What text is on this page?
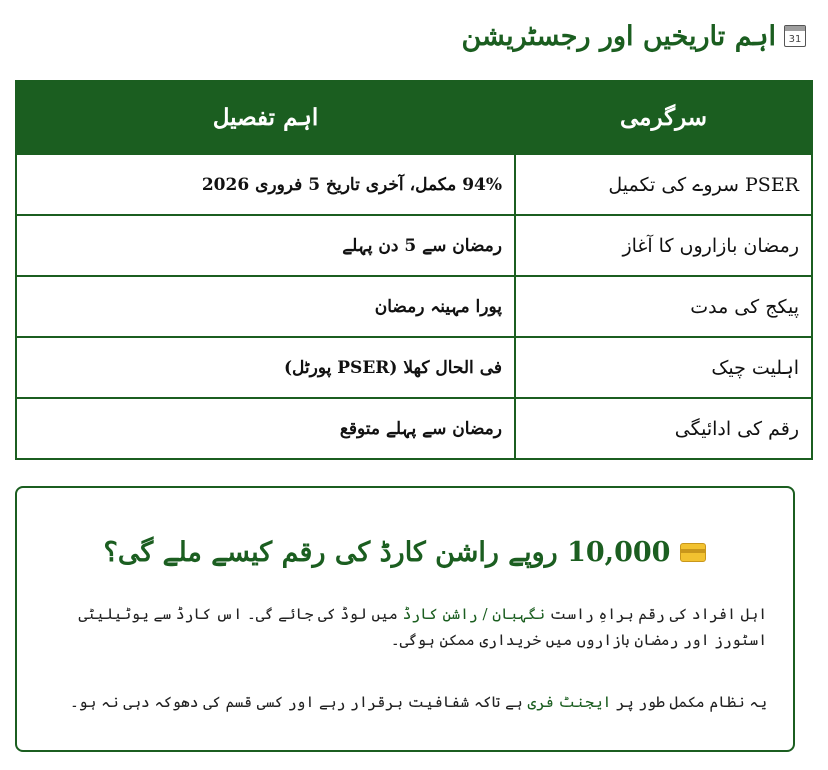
31
اہم تاریخیں اور رجسٹریشن
سرگرمی	اہم تفصیل
PSER سروے کی تکمیل	94% مکمل، آخری تاریخ 5 فروری 2026
رمضان بازاروں کا آغاز	رمضان سے 5 دن پہلے
پیکج کی مدت	پورا مہینہ رمضان
اہلیت چیک	فی الحال کھلا (PSER پورٹل)
رقم کی ادائیگی	رمضان سے پہلے متوقع
10,000 روپے راشن کارڈ کی رقم کیسے ملے گی؟

اہل افراد کی رقم براہِ راست نگہبان / راشن کارڈ میں لوڈ کی جائے گی۔ اس کارڈ سے یوٹیلیٹی اسٹورز اور رمضان بازاروں میں خریداری ممکن ہوگی۔

یہ نظام مکمل طور پر ایجنٹ فری ہے تاکہ شفافیت برقرار رہے اور کسی قسم کی دھوکہ دہی نہ ہو۔
